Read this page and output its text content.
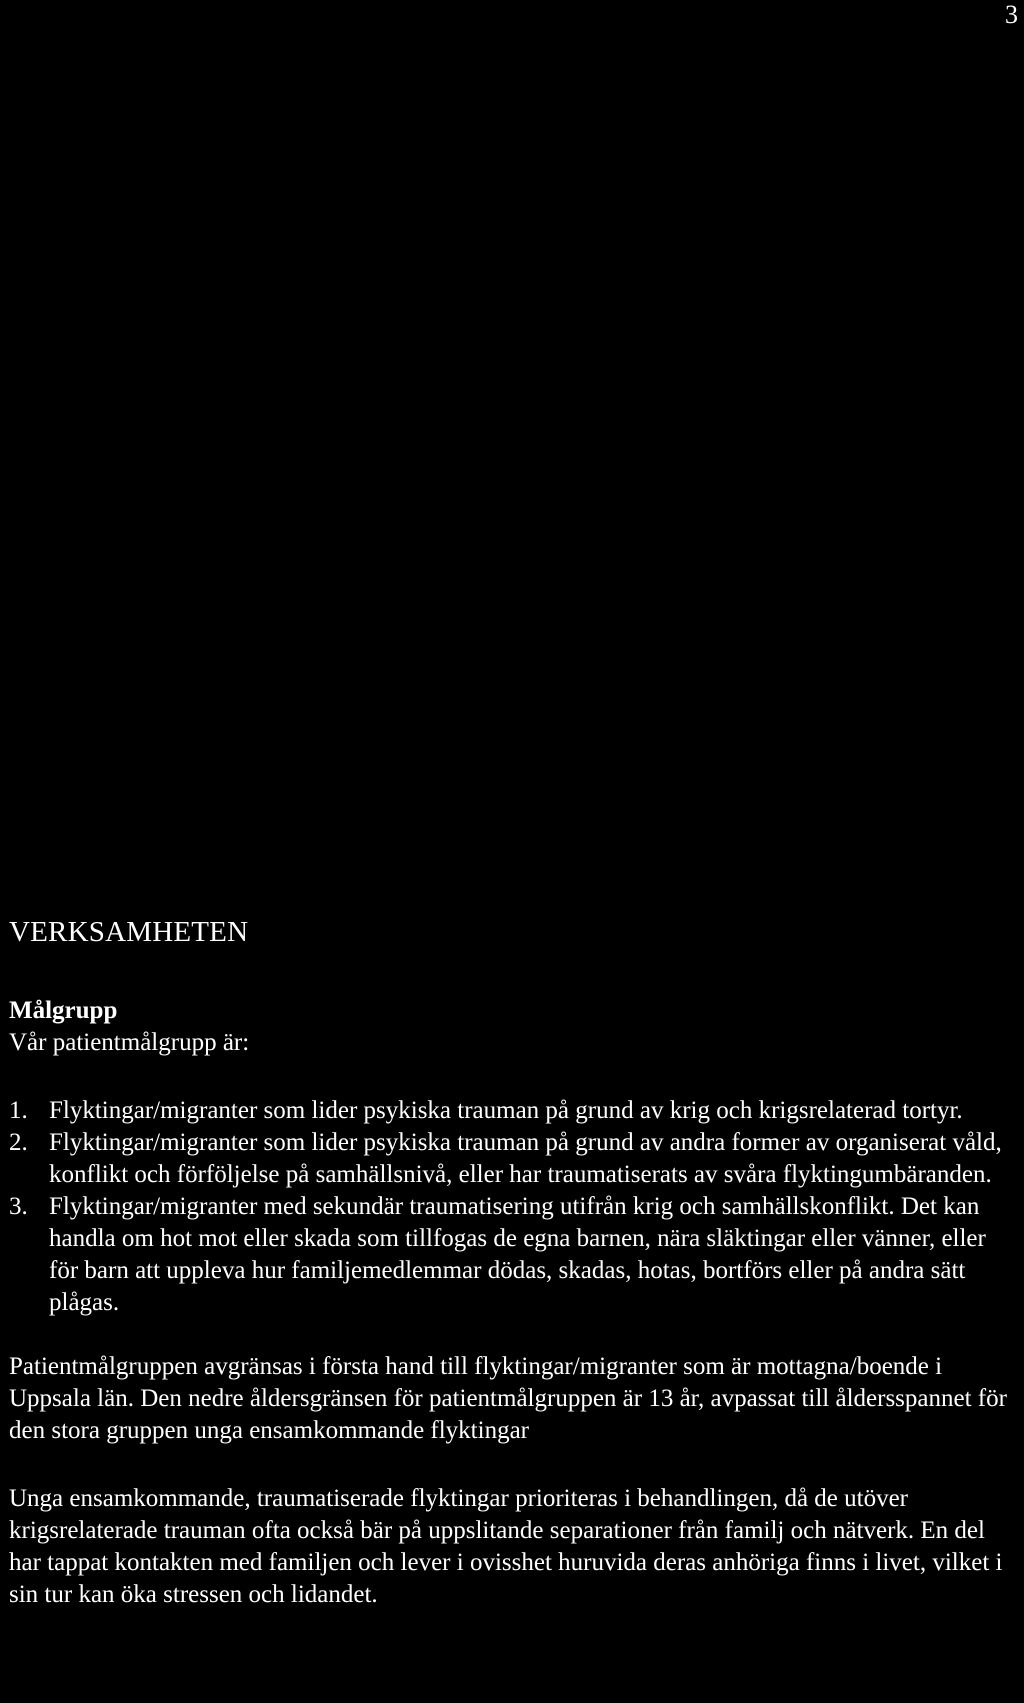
3
VERKSAMHETEN

Målgrupp

Vår patientmålgrupp är:

1. Flyktingar/migranter som lider psykiska trauman på grund av krig och krigsrelaterad tortyr.
2. Flyktingar/migranter som lider psykiska trauman på grund av andra former av organiserat våld, konflikt och förföljelse på samhällsnivå, eller har traumatiserats av svåra flyktingumbäranden.
3. Flyktingar/migranter med sekundär traumatisering utifrån krig och samhällskonflikt. Det kan handla om hot mot eller skada som tillfogas de egna barnen, nära släktingar eller vänner, eller för barn att uppleva hur familjemedlemmar dödas, skadas, hotas, bortförs eller på andra sätt plågas.

Patientmålgruppen avgränsas i första hand till flyktingar/migranter som är mottagna/boende i Uppsala län. Den nedre åldersgränsen för patientmålgruppen är 13 år, avpassat till åldersspannet för den stora gruppen unga ensamkommande flyktingar

Unga ensamkommande, traumatiserade flyktingar prioriteras i behandlingen, då de utöver krigsrelaterade trauman ofta också bär på uppslitande separationer från familj och nätverk. En del har tappat kontakten med familjen och lever i ovisshet huruvida deras anhöriga finns i livet, vilket i sin tur kan öka stressen och lidandet.
